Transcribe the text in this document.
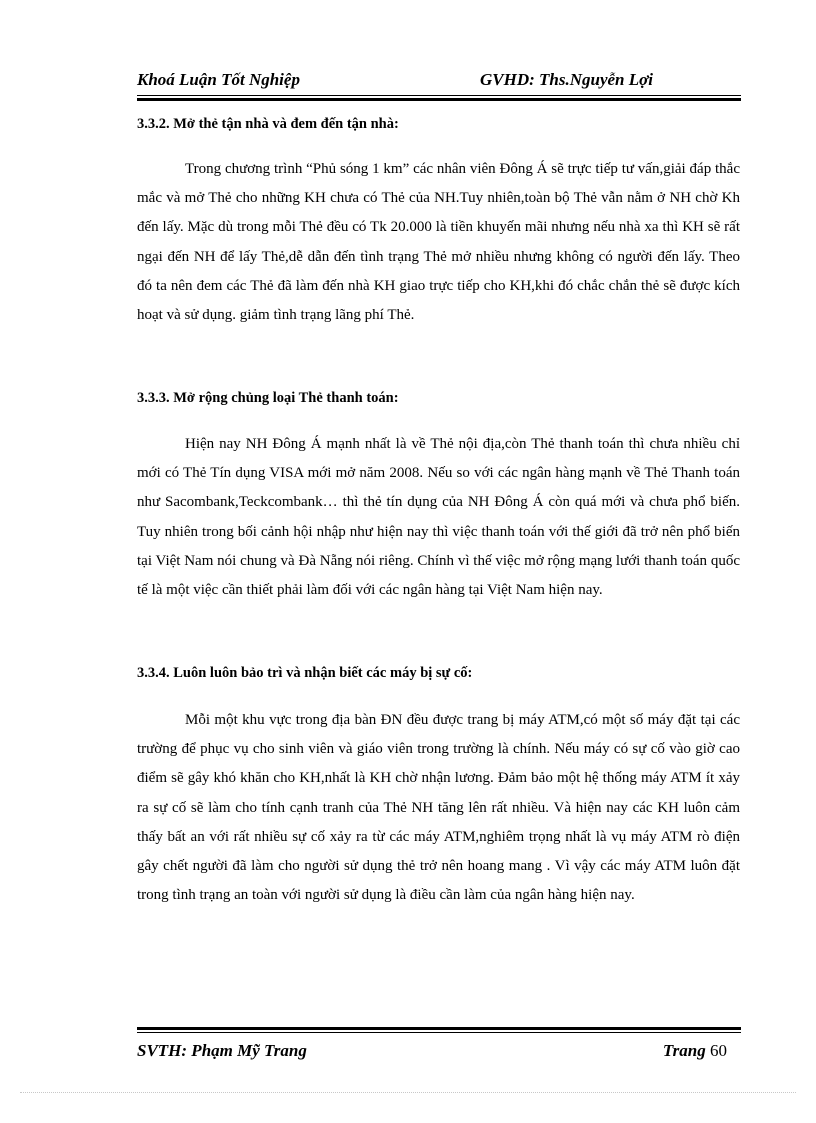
Khoá Luận Tốt Nghiệp	GVHD: Ths.Nguyễn Lợi
3.3.2. Mở thẻ tận nhà và đem đến tận nhà:

Trong chương trình “Phủ sóng 1 km” các nhân viên Đông Á sẽ trực tiếp tư vấn,giải đáp thắc mắc và mở Thẻ cho những KH chưa có Thẻ của NH.Tuy nhiên,toàn bộ Thẻ vẫn nằm ở NH chờ Kh đến lấy. Mặc dù trong mỗi Thẻ đều có Tk 20.000 là tiền khuyến mãi nhưng nếu nhà xa thì KH sẽ rất ngại đến NH để lấy Thẻ,dễ dẫn đến tình trạng Thẻ mở nhiều nhưng không có người đến lấy. Theo đó ta nên đem các Thẻ đã làm đến nhà KH giao trực tiếp cho KH,khi đó chắc chắn thẻ sẽ được kích hoạt và sử dụng. giảm tình trạng lãng phí Thẻ.

3.3.3. Mở rộng chủng loại Thẻ thanh toán:

Hiện nay NH Đông Á mạnh nhất là về Thẻ nội địa,còn Thẻ thanh toán thì chưa nhiều chỉ mới có Thẻ Tín dụng VISA mới mở năm 2008. Nếu so với các ngân hàng mạnh về Thẻ Thanh toán như Sacombank,Teckcombank… thì thẻ tín dụng của NH Đông Á còn quá mới và chưa phổ biến. Tuy nhiên trong bối cảnh hội nhập như hiện nay thì việc thanh toán với thế giới đã trở nên phổ biến tại Việt Nam nói chung và Đà Nẵng nói riêng. Chính vì thế việc mở rộng mạng lưới thanh toán quốc tế là một việc cần thiết phải làm đối với các ngân hàng tại Việt Nam hiện nay.

3.3.4. Luôn luôn bảo trì và nhận biết các máy bị sự cố:

Mỗi một khu vực trong địa bàn ĐN đều được trang bị máy ATM,có một số máy đặt tại các trường để phục vụ cho sinh viên và giáo viên trong trường là chính. Nếu máy có sự cố vào giờ cao điểm sẽ gây khó khăn cho KH,nhất là KH chờ nhận lương. Đảm bảo một hệ thống máy ATM ít xảy ra sự cố sẽ làm cho tính cạnh tranh của Thẻ NH tăng lên rất nhiều. Và hiện nay các KH luôn cảm thấy bất an với rất nhiều sự cố xảy ra từ các máy ATM,nghiêm trọng nhất là vụ máy ATM rò điện gây chết người đã làm cho người sử dụng thẻ trở nên hoang mang . Vì vậy các máy ATM luôn đặt trong tình trạng an toàn với người sử dụng là điều cần làm của ngân hàng hiện nay.

SVTH: Phạm Mỹ Trang	Trang 60
